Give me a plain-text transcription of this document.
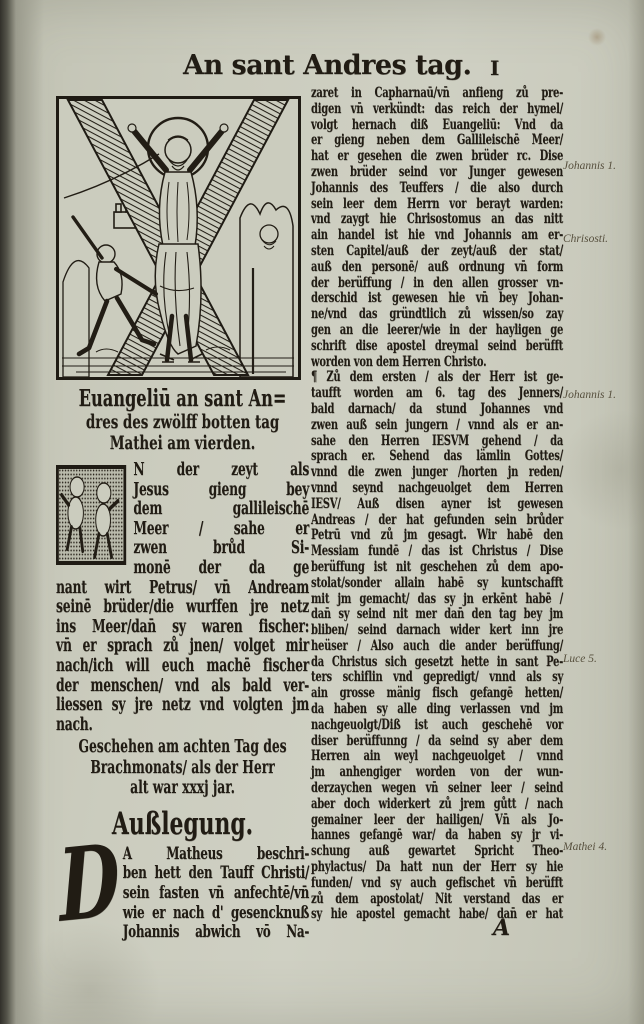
An sant Andres tag. I
Euangeliū an sant An=
dres des zwölff botten tag
Mathei am vierden.
N der zeyt als
Jesus gieng bey
dem gallileischē
Meer / sahe er
zwen brůd Si-
monē der da ge
nant wirt Petrus/ vn̄ Andream
seinē brüder/die wurffen jre netz
ins Meer/dan̄ sy waren fischer:
vn̄ er sprach zů jnen/ volget mir
nach/ich will euch machē fischer
der menschen/ vnd als bald ver-
liessen sy jre netz vnd volgten jm
nach.
Geschehen am achten Tag des
Brachmonats/ als der Herr
alt war xxxj jar.
Außlegung.
D A Matheus beschri-
ben hett den Tauff Christi/
sein fasten vn̄ anfechtē/vn̄
wie er nach d' gesencknuß
Johannis abwich vō Na-
zaret in Capharnaū/vn̄ anfieng zů pre-
digen vn̄ verkündt: das reich der hymel/
volgt hernach diß Euangeliū: Vnd da
er gieng neben dem Gallileischē Meer/
hat er gesehen die zwen brüder rc. Dise
zwen brüder seind vor Junger gewesen
Johannis des Teuffers / die also durch
sein leer dem Herrn vor berayt warden:
vnd zaygt hie Chrisostomus an das nitt
ain handel ist hie vnd Johannis am er-
sten Capitel/auß der zeyt/auß der stat/
auß den personē/ auß ordnung vn̄ form
der berüffung / in den allen grosser vn-
derschid ist gewesen hie vn̄ bey Johan-
ne/vnd das gründtlich zů wissen/so zay
gen an die leerer/wie in der hayligen ge
schrift dise apostel dreymal seind berüfft
worden von dem Herren Christo.
¶ Zů dem ersten / als der Herr ist ge-
taufft worden am 6. tag des Jenners/
bald darnach/ da stund Johannes vnd
zwen auß sein jungern / vnnd als er an-
sahe den Herren IESVM gehend / da
sprach er. Sehend das lämlin Gottes/
vnnd die zwen junger /horten jn reden/
vnnd seynd nachgeuolget dem Herren
IESV/ Auß disen ayner ist gewesen
Andreas / der hat gefunden sein brůder
Petrū vnd zů jm gesagt. Wir habē den
Messiam fundē / das ist Christus / Dise
berüffung ist nit geschehen zů dem apo-
stolat/sonder allain habē sy kuntschafft
mit jm gemacht/ das sy jn erkēnt habē /
dan̄ sy seind nit mer dan̄ den tag bey jm
bliben/ seind darnach wider kert inn jre
heüser / Also auch die ander berüffung/
da Christus sich gesetzt hette in sant Pe-
ters schiflin vnd gepredigt/ vnnd als sy
ain grosse mänig fisch gefangē hetten/
da haben sy alle ding verlassen vnd jm
nachgeuolgt/Diß ist auch geschehē vor
diser berüffunng / da seind sy aber dem
Herren ain weyl nachgeuolget / vnnd
jm anhengiger worden von der wun-
derzaychen wegen vn̄ seiner leer / seind
aber doch widerkert zů jrem gůtt / nach
gemainer leer der hailigen/ Vn̄ als Jo-
hannes gefangē war/ da haben sy jr vi-
schung auß gewartet Spricht Theo-
phylactus/ Da hatt nun der Herr sy hie
funden/ vnd sy auch gefischet vn̄ berüfft
zů dem apostolat/ Nit verstand das er
sy hie apostel gemacht habe/ dan̄ er hat
Johannis 1.
Chrisosti.
Johannis 1.
Luce 5.
Mathei 4.
A
